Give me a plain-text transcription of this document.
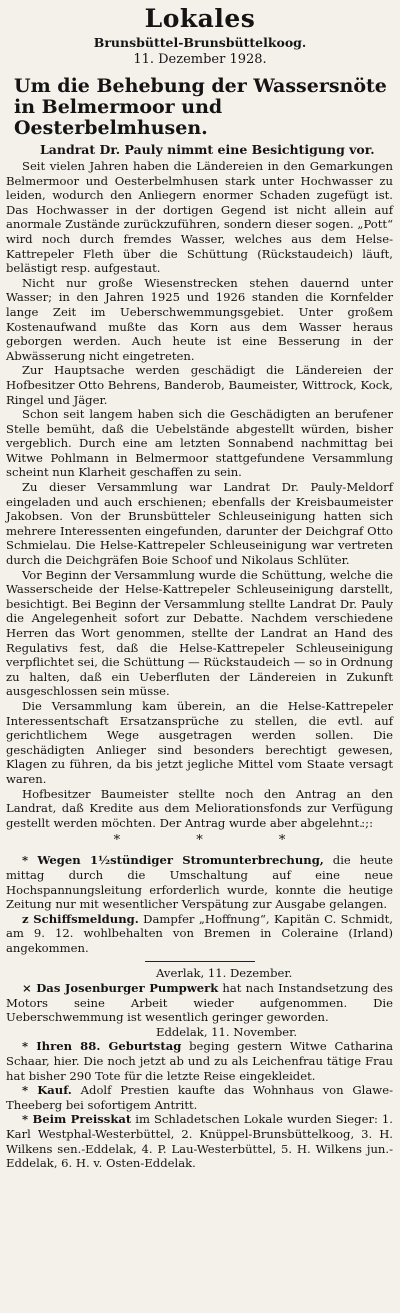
Lokales
Brunsbüttel-Brunsbüttelkoog.
11. Dezember 1928.
Um die Behebung der Wassersnöte
in Belmermoor und Oesterbelmhusen.
Landrat Dr. Pauly nimmt eine Besichtigung vor.

Seit vielen Jahren haben die Ländereien in den Gemarkungen Belmermoor und Oesterbelmhusen stark unter Hochwasser zu leiden, wodurch den Anliegern enormer Schaden zugefügt ist. Das Hochwasser in der dortigen Gegend ist nicht allein auf anormale Zustände zurückzuführen, sondern dieser sogen. „Pott“ wird noch durch fremdes Wasser, welches aus dem Helse-Kattrepeler Fleth über die Schüttung (Rückstaudeich) läuft, belästigt resp. aufgestaut.

Nicht nur große Wiesenstrecken stehen dauernd unter Wasser; in den Jahren 1925 und 1926 standen die Kornfelder lange Zeit im Ueberschwemmungsgebiet. Unter großem Kostenaufwand mußte das Korn aus dem Wasser heraus geborgen werden. Auch heute ist eine Besserung in der Abwässerung nicht eingetreten.

Zur Hauptsache werden geschädigt die Ländereien der Hofbesitzer Otto Behrens, Banderob, Baumeister, Wittrock, Kock, Ringel und Jäger.

Schon seit langem haben sich die Geschädigten an berufener Stelle bemüht, daß die Uebelstände abgestellt würden, bisher vergeblich. Durch eine am letzten Sonnabend nachmittag bei Witwe Pohlmann in Belmermoor stattgefundene Versammlung scheint nun Klarheit geschaffen zu sein.

Zu dieser Versammlung war Landrat Dr. Pauly-Meldorf eingeladen und auch erschienen; ebenfalls der Kreisbaumeister Jakobsen. Von der Brunsbütteler Schleuseinigung hatten sich mehrere Interessenten eingefunden, darunter der Deichgraf Otto Schmielau. Die Helse-Kattrepeler Schleuseinigung war vertreten durch die Deichgräfen Boie Schoof und Nikolaus Schlüter.

Vor Beginn der Versammlung wurde die Schüttung, welche die Wasserscheide der Helse-Kattrepeler Schleuseinigung darstellt, besichtigt. Bei Beginn der Versammlung stellte Landrat Dr. Pauly die Angelegenheit sofort zur Debatte. Nachdem verschiedene Herren das Wort genommen, stellte der Landrat an Hand des Regulativs fest, daß die Helse-Kattrepeler Schleuseinigung verpflichtet sei, die Schüttung — Rückstaudeich — so in Ordnung zu halten, daß ein Ueberfluten der Ländereien in Zukunft ausgeschlossen sein müsse.

Die Versammlung kam überein, an die Helse-Kattrepeler Interessentschaft Ersatzansprüche zu stellen, die evtl. auf gerichtlichem Wege ausgetragen werden sollen. Die geschädigten Anlieger sind besonders berechtigt gewesen, Klagen zu führen, da bis jetzt jegliche Mittel vom Staate versagt waren.

Hofbesitzer Baumeister stellte noch den Antrag an den Landrat, daß Kredite aus dem Meliorationsfonds zur Verfügung gestellt werden möchten. Der Antrag wurde aber abgelehnt.

:;:
* * *

* Wegen 1½stündiger Stromunterbrechung, die heute mittag durch die Umschaltung auf eine neue Hochspannungsleitung erforderlich wurde, konnte die heutige Zeitung nur mit wesentlicher Verspätung zur Ausgabe gelangen.

z Schiffsmeldung. Dampfer „Hoffnung“, Kapitän C. Schmidt, am 9. 12. wohlbehalten von Bremen in Coleraine (Irland) angekommen.

Averlak, 11. Dezember.

× Das Josenburger Pumpwerk hat nach Instandsetzung des Motors seine Arbeit wieder aufgenommen. Die Ueberschwemmung ist wesentlich geringer geworden.

Eddelak, 11. November.

* Ihren 88. Geburtstag beging gestern Witwe Catharina Schaar, hier. Die noch jetzt ab und zu als Leichenfrau tätige Frau hat bisher 290 Tote für die letzte Reise eingekleidet.

* Kauf. Adolf Prestien kaufte das Wohnhaus von Glawe-Theeberg bei sofortigem Antritt.

* Beim Preisskat im Schladetschen Lokale wurden Sieger: 1. Karl Westphal-Westerbüttel, 2. Knüppel-Brunsbüttelkoog, 3. H. Wilkens sen.-Eddelak, 4. P. Lau-Westerbüttel, 5. H. Wilkens jun.-Eddelak, 6. H. v. Osten-Eddelak.
